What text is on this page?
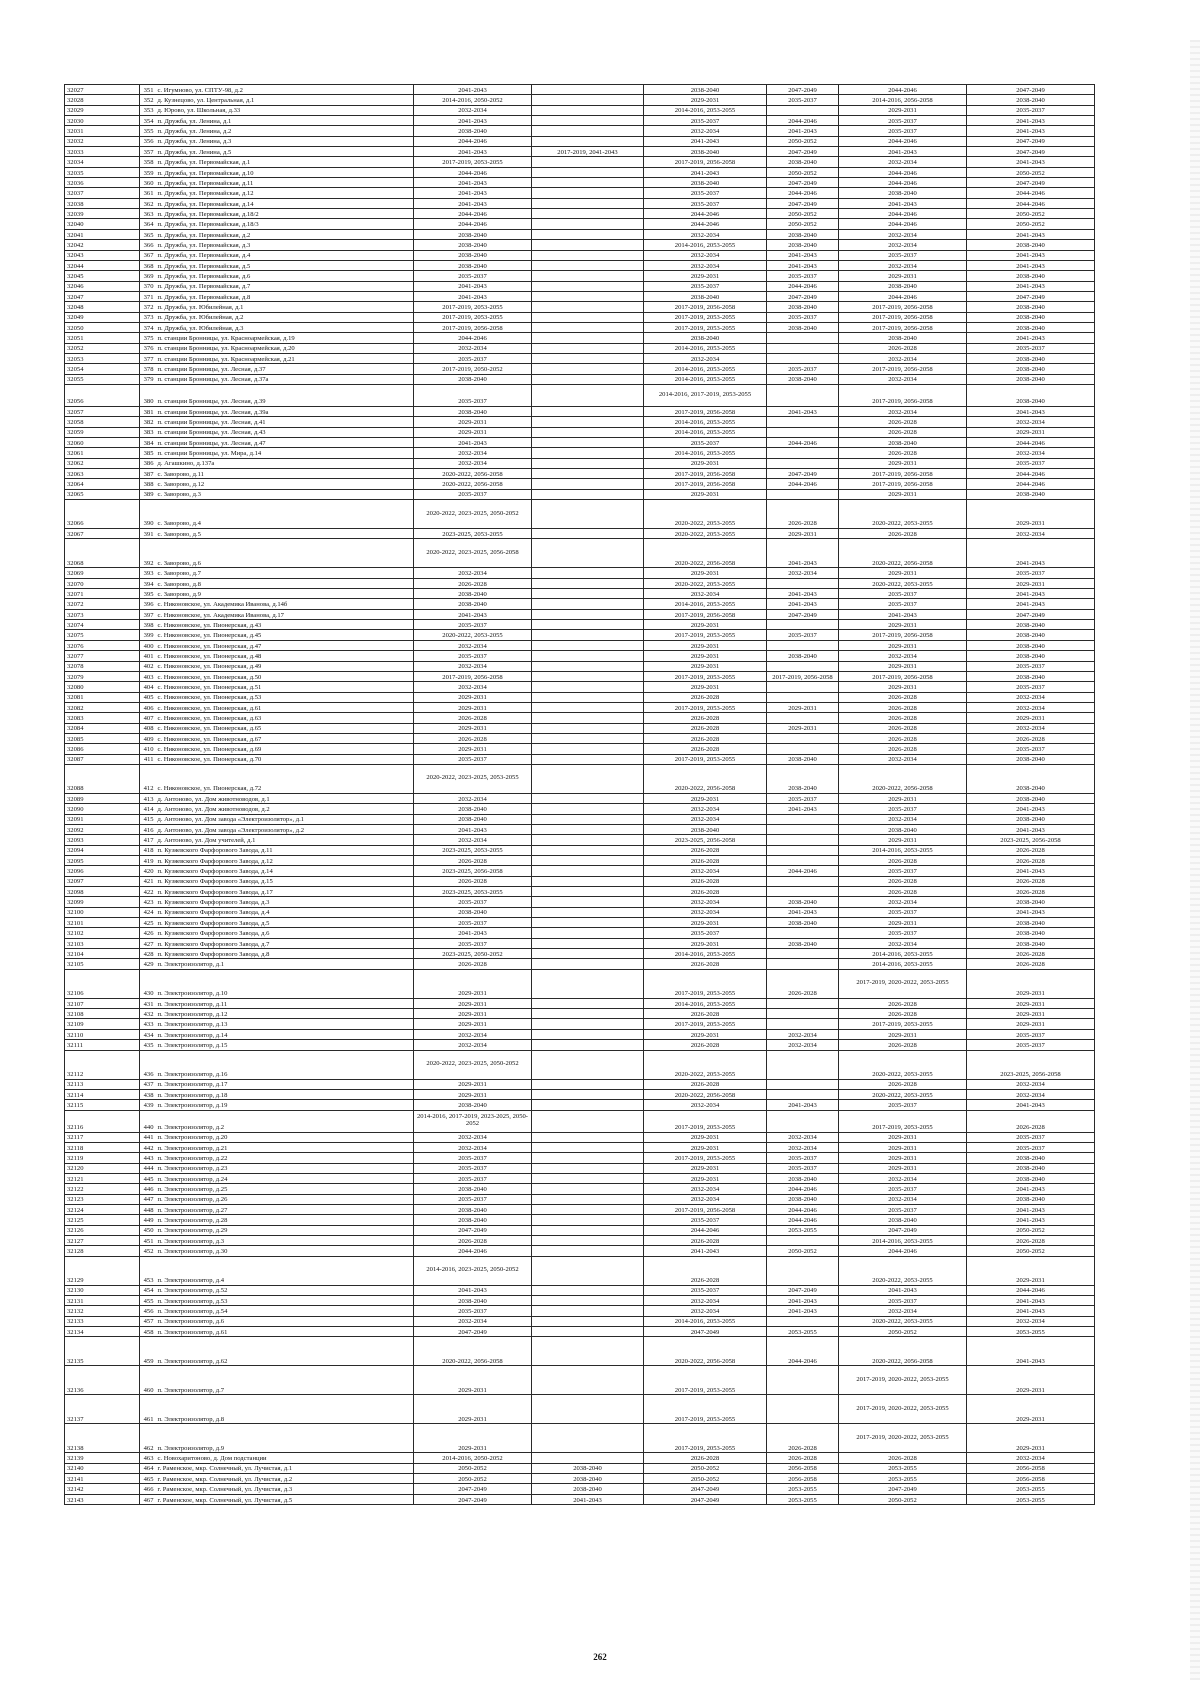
32027	351	с. Игумново, ул. СПТУ-98, д.2	2041-2043		2038-2040	2047-2049	2044-2046	2047-2049
32028	352	д. Кузнецово, ул. Центральная, д.1	2014-2016, 2050-2052		2029-2031	2035-2037	2014-2016, 2056-2058	2038-2040
32029	353	д. Юрово, ул. Школьная, д.33	2032-2034		2014-2016, 2053-2055		2029-2031	2035-2037
32030	354	п. Дружба, ул. Ленина, д.1	2041-2043		2035-2037	2044-2046	2035-2037	2041-2043
32031	355	п. Дружба, ул. Ленина, д.2	2038-2040		2032-2034	2041-2043	2035-2037	2041-2043
32032	356	п. Дружба, ул. Ленина, д.3	2044-2046		2041-2043	2050-2052	2044-2046	2047-2049
32033	357	п. Дружба, ул. Ленина, д.5	2041-2043	2017-2019, 2041-2043	2038-2040	2047-2049	2041-2043	2047-2049
32034	358	п. Дружба, ул. Первомайская, д.1	2017-2019, 2053-2055		2017-2019, 2056-2058	2038-2040	2032-2034	2041-2043
32035	359	п. Дружба, ул. Первомайская, д.10	2044-2046		2041-2043	2050-2052	2044-2046	2050-2052
32036	360	п. Дружба, ул. Первомайская, д.11	2041-2043		2038-2040	2047-2049	2044-2046	2047-2049
32037	361	п. Дружба, ул. Первомайская, д.12	2041-2043		2035-2037	2044-2046	2038-2040	2044-2046
32038	362	п. Дружба, ул. Первомайская, д.14	2041-2043		2035-2037	2047-2049	2041-2043	2044-2046
32039	363	п. Дружба, ул. Первомайская, д.18/2	2044-2046		2044-2046	2050-2052	2044-2046	2050-2052
32040	364	п. Дружба, ул. Первомайская, д.18/3	2044-2046		2044-2046	2050-2052	2044-2046	2050-2052
32041	365	п. Дружба, ул. Первомайская, д.2	2038-2040		2032-2034	2038-2040	2032-2034	2041-2043
32042	366	п. Дружба, ул. Первомайская, д.3	2038-2040		2014-2016, 2053-2055	2038-2040	2032-2034	2038-2040
32043	367	п. Дружба, ул. Первомайская, д.4	2038-2040		2032-2034	2041-2043	2035-2037	2041-2043
32044	368	п. Дружба, ул. Первомайская, д.5	2038-2040		2032-2034	2041-2043	2032-2034	2041-2043
32045	369	п. Дружба, ул. Первомайская, д.6	2035-2037		2029-2031	2035-2037	2029-2031	2038-2040
32046	370	п. Дружба, ул. Первомайская, д.7	2041-2043		2035-2037	2044-2046	2038-2040	2041-2043
32047	371	п. Дружба, ул. Первомайская, д.8	2041-2043		2038-2040	2047-2049	2044-2046	2047-2049
32048	372	п. Дружба, ул. Юбилейная, д.1	2017-2019, 2053-2055		2017-2019, 2056-2058	2038-2040	2017-2019, 2056-2058	2038-2040
32049	373	п. Дружба, ул. Юбилейная, д.2	2017-2019, 2053-2055		2017-2019, 2053-2055	2035-2037	2017-2019, 2056-2058	2038-2040
32050	374	п. Дружба, ул. Юбилейная, д.3	2017-2019, 2056-2058		2017-2019, 2053-2055	2038-2040	2017-2019, 2056-2058	2038-2040
32051	375	п. станции Бронницы, ул. Красноармейская, д.19	2044-2046		2038-2040		2038-2040	2041-2043
32052	376	п. станции Бронницы, ул. Красноармейская, д.20	2032-2034		2014-2016, 2053-2055		2026-2028	2035-2037
32053	377	п. станции Бронницы, ул. Красноармейская, д.21	2035-2037		2032-2034		2032-2034	2038-2040
32054	378	п. станции Бронницы, ул. Лесная, д.37	2017-2019, 2050-2052		2014-2016, 2053-2055	2035-2037	2017-2019, 2056-2058	2038-2040
32055	379	п. станции Бронницы, ул. Лесная, д.37а	2038-2040		2014-2016, 2053-2055	2038-2040	2032-2034	2038-2040
32056	380	п. станции Бронницы, ул. Лесная, д.39	2035-2037		2014-2016, 2017-2019, 2053-2055		2017-2019, 2056-2058	2038-2040
32057	381	п. станции Бронницы, ул. Лесная, д.39а	2038-2040		2017-2019, 2056-2058	2041-2043	2032-2034	2041-2043
32058	382	п. станции Бронницы, ул. Лесная, д.41	2029-2031		2014-2016, 2053-2055		2026-2028	2032-2034
32059	383	п. станции Бронницы, ул. Лесная, д.43	2029-2031		2014-2016, 2053-2055		2026-2028	2029-2031
32060	384	п. станции Бронницы, ул. Лесная, д.47	2041-2043		2035-2037	2044-2046	2038-2040	2044-2046
32061	385	п. станции Бронницы, ул. Мира, д.14	2032-2034		2014-2016, 2053-2055		2026-2028	2032-2034
32062	386	д. Агашкино, д.137а	2032-2034		2029-2031		2029-2031	2035-2037
32063	387	с. Заворово, д.11	2020-2022, 2056-2058		2017-2019, 2056-2058	2047-2049	2017-2019, 2056-2058	2044-2046
32064	388	с. Заворово, д.12	2020-2022, 2056-2058		2017-2019, 2056-2058	2044-2046	2017-2019, 2056-2058	2044-2046
32065	389	с. Заворово, д.3	2035-2037		2029-2031		2029-2031	2038-2040
32066	390	с. Заворово, д.4	2020-2022, 2023-2025, 2050-2052		2020-2022, 2053-2055	2026-2028	2020-2022, 2053-2055	2029-2031
32067	391	с. Заворово, д.5	2023-2025, 2053-2055		2020-2022, 2053-2055	2029-2031	2026-2028	2032-2034
32068	392	с. Заворово, д.6	2020-2022, 2023-2025, 2056-2058		2020-2022, 2056-2058	2041-2043	2020-2022, 2056-2058	2041-2043
32069	393	с. Заворово, д.7	2032-2034		2029-2031	2032-2034	2029-2031	2035-2037
32070	394	с. Заворово, д.8	2026-2028		2020-2022, 2053-2055		2020-2022, 2053-2055	2029-2031
32071	395	с. Заворово, д.9	2038-2040		2032-2034	2041-2043	2035-2037	2041-2043
32072	396	с. Никоновское, ул. Академика Иванова, д.14б	2038-2040		2014-2016, 2053-2055	2041-2043	2035-2037	2041-2043
32073	397	с. Никоновское, ул. Академика Иванова, д.17	2041-2043		2017-2019, 2056-2058	2047-2049	2041-2043	2047-2049
32074	398	с. Никоновское, ул. Пионерская, д.43	2035-2037		2029-2031		2029-2031	2038-2040
32075	399	с. Никоновское, ул. Пионерская, д.45	2020-2022, 2053-2055		2017-2019, 2053-2055	2035-2037	2017-2019, 2056-2058	2038-2040
32076	400	с. Никоновское, ул. Пионерская, д.47	2032-2034		2029-2031		2029-2031	2038-2040
32077	401	с. Никоновское, ул. Пионерская, д.48	2035-2037		2029-2031	2038-2040	2032-2034	2038-2040
32078	402	с. Никоновское, ул. Пионерская, д.49	2032-2034		2029-2031		2029-2031	2035-2037
32079	403	с. Никоновское, ул. Пионерская, д.50	2017-2019, 2056-2058		2017-2019, 2053-2055	2017-2019, 2056-2058	2017-2019, 2056-2058	2038-2040
32080	404	с. Никоновское, ул. Пионерская, д.51	2032-2034		2029-2031		2029-2031	2035-2037
32081	405	с. Никоновское, ул. Пионерская, д.53	2029-2031		2026-2028		2026-2028	2032-2034
32082	406	с. Никоновское, ул. Пионерская, д.61	2029-2031		2017-2019, 2053-2055	2029-2031	2026-2028	2032-2034
32083	407	с. Никоновское, ул. Пионерская, д.63	2026-2028		2026-2028		2026-2028	2029-2031
32084	408	с. Никоновское, ул. Пионерская, д.65	2029-2031		2026-2028	2029-2031	2026-2028	2032-2034
32085	409	с. Никоновское, ул. Пионерская, д.67	2026-2028		2026-2028		2026-2028	2026-2028
32086	410	с. Никоновское, ул. Пионерская, д.69	2029-2031		2026-2028		2026-2028	2035-2037
32087	411	с. Никоновское, ул. Пионерская, д.70	2035-2037		2017-2019, 2053-2055	2038-2040	2032-2034	2038-2040
32088	412	с. Никоновское, ул. Пионерская, д.72	2020-2022, 2023-2025, 2053-2055		2020-2022, 2056-2058	2038-2040	2020-2022, 2056-2058	2038-2040
32089	413	д. Антоново, ул. Дом животноводов, д.1	2032-2034		2029-2031	2035-2037	2029-2031	2038-2040
32090	414	д. Антоново, ул. Дом животноводов, д.2	2038-2040		2032-2034	2041-2043	2035-2037	2041-2043
32091	415	д. Антоново, ул. Дом завода «Электроизолятор», д.1	2038-2040		2032-2034		2032-2034	2038-2040
32092	416	д. Антоново, ул. Дом завода «Электроизолятор», д.2	2041-2043		2038-2040		2038-2040	2041-2043
32093	417	д. Антоново, ул. Дом учителей, д.1	2032-2034		2023-2025, 2056-2058		2029-2031	2023-2025, 2056-2058
32094	418	п. Кузяевского Фарфорового Завода, д.11	2023-2025, 2053-2055		2026-2028		2014-2016, 2053-2055	2026-2028
32095	419	п. Кузяевского Фарфорового Завода, д.12	2026-2028		2026-2028		2026-2028	2026-2028
32096	420	п. Кузяевского Фарфорового Завода, д.14	2023-2025, 2056-2058		2032-2034	2044-2046	2035-2037	2041-2043
32097	421	п. Кузяевского Фарфорового Завода, д.15	2026-2028		2026-2028		2026-2028	2026-2028
32098	422	п. Кузяевского Фарфорового Завода, д.17	2023-2025, 2053-2055		2026-2028		2026-2028	2026-2028
32099	423	п. Кузяевского Фарфорового Завода, д.3	2035-2037		2032-2034	2038-2040	2032-2034	2038-2040
32100	424	п. Кузяевского Фарфорового Завода, д.4	2038-2040		2032-2034	2041-2043	2035-2037	2041-2043
32101	425	п. Кузяевского Фарфорового Завода, д.5	2035-2037		2029-2031	2038-2040	2029-2031	2038-2040
32102	426	п. Кузяевского Фарфорового Завода, д.6	2041-2043		2035-2037		2035-2037	2038-2040
32103	427	п. Кузяевского Фарфорового Завода, д.7	2035-2037		2029-2031	2038-2040	2032-2034	2038-2040
32104	428	п. Кузяевского Фарфорового Завода, д.8	2023-2025, 2050-2052		2014-2016, 2053-2055		2014-2016, 2053-2055	2026-2028
32105	429	п. Электроизолятор, д.1	2026-2028		2026-2028		2014-2016, 2053-2055	2026-2028
32106	430	п. Электроизолятор, д.10	2029-2031		2017-2019, 2053-2055	2026-2028	2017-2019, 2020-2022, 2053-2055	2029-2031
32107	431	п. Электроизолятор, д.11	2029-2031		2014-2016, 2053-2055		2026-2028	2029-2031
32108	432	п. Электроизолятор, д.12	2029-2031		2026-2028		2026-2028	2029-2031
32109	433	п. Электроизолятор, д.13	2029-2031		2017-2019, 2053-2055		2017-2019, 2053-2055	2029-2031
32110	434	п. Электроизолятор, д.14	2032-2034		2029-2031	2032-2034	2029-2031	2035-2037
32111	435	п. Электроизолятор, д.15	2032-2034		2026-2028	2032-2034	2026-2028	2035-2037
32112	436	п. Электроизолятор, д.16	2020-2022, 2023-2025, 2050-2052		2020-2022, 2053-2055		2020-2022, 2053-2055	2023-2025, 2056-2058
32113	437	п. Электроизолятор, д.17	2029-2031		2026-2028		2026-2028	2032-2034
32114	438	п. Электроизолятор, д.18	2029-2031		2020-2022, 2056-2058		2020-2022, 2053-2055	2032-2034
32115	439	п. Электроизолятор, д.19	2038-2040		2032-2034	2041-2043	2035-2037	2041-2043
32116	440	п. Электроизолятор, д.2	2014-2016, 2017-2019, 2023-2025, 2050-2052		2017-2019, 2053-2055		2017-2019, 2053-2055	2026-2028
32117	441	п. Электроизолятор, д.20	2032-2034		2029-2031	2032-2034	2029-2031	2035-2037
32118	442	п. Электроизолятор, д.21	2032-2034		2029-2031	2032-2034	2029-2031	2035-2037
32119	443	п. Электроизолятор, д.22	2035-2037		2017-2019, 2053-2055	2035-2037	2029-2031	2038-2040
32120	444	п. Электроизолятор, д.23	2035-2037		2029-2031	2035-2037	2029-2031	2038-2040
32121	445	п. Электроизолятор, д.24	2035-2037		2029-2031	2038-2040	2032-2034	2038-2040
32122	446	п. Электроизолятор, д.25	2038-2040		2032-2034	2044-2046	2035-2037	2041-2043
32123	447	п. Электроизолятор, д.26	2035-2037		2032-2034	2038-2040	2032-2034	2038-2040
32124	448	п. Электроизолятор, д.27	2038-2040		2017-2019, 2056-2058	2044-2046	2035-2037	2041-2043
32125	449	п. Электроизолятор, д.28	2038-2040		2035-2037	2044-2046	2038-2040	2041-2043
32126	450	п. Электроизолятор, д.29	2047-2049		2044-2046	2053-2055	2047-2049	2050-2052
32127	451	п. Электроизолятор, д.3	2026-2028		2026-2028		2014-2016, 2053-2055	2026-2028
32128	452	п. Электроизолятор, д.30	2044-2046		2041-2043	2050-2052	2044-2046	2050-2052
32129	453	п. Электроизолятор, д.4	2014-2016, 2023-2025, 2050-2052		2026-2028		2020-2022, 2053-2055	2029-2031
32130	454	п. Электроизолятор, д.52	2041-2043		2035-2037	2047-2049	2041-2043	2044-2046
32131	455	п. Электроизолятор, д.53	2038-2040		2032-2034	2041-2043	2035-2037	2041-2043
32132	456	п. Электроизолятор, д.54	2035-2037		2032-2034	2041-2043	2032-2034	2041-2043
32133	457	п. Электроизолятор, д.6	2032-2034		2014-2016, 2053-2055		2020-2022, 2053-2055	2032-2034
32134	458	п. Электроизолятор, д.61	2047-2049		2047-2049	2053-2055	2050-2052	2053-2055
32135	459	п. Электроизолятор, д.62	2020-2022, 2056-2058		2020-2022, 2056-2058	2044-2046	2020-2022, 2056-2058	2041-2043
32136	460	п. Электроизолятор, д.7	2029-2031		2017-2019, 2053-2055		2017-2019, 2020-2022, 2053-2055	2029-2031
32137	461	п. Электроизолятор, д.8	2029-2031		2017-2019, 2053-2055		2017-2019, 2020-2022, 2053-2055	2029-2031
32138	462	п. Электроизолятор, д.9	2029-2031		2017-2019, 2053-2055	2026-2028	2017-2019, 2020-2022, 2053-2055	2029-2031
32139	463	с. Новохаритоново, д. Дом подстанции	2014-2016, 2050-2052		2026-2028	2026-2028	2026-2028	2032-2034
32140	464	г. Раменское, мкр. Солнечный, ул. Лучистая, д.1	2050-2052	2038-2040	2050-2052	2056-2058	2053-2055	2056-2058
32141	465	г. Раменское, мкр. Солнечный, ул. Лучистая, д.2	2050-2052	2038-2040	2050-2052	2056-2058	2053-2055	2056-2058
32142	466	г. Раменское, мкр. Солнечный, ул. Лучистая, д.3	2047-2049	2038-2040	2047-2049	2053-2055	2047-2049	2053-2055
32143	467	г. Раменское, мкр. Солнечный, ул. Лучистая, д.5	2047-2049	2041-2043	2047-2049	2053-2055	2050-2052	2053-2055
262
